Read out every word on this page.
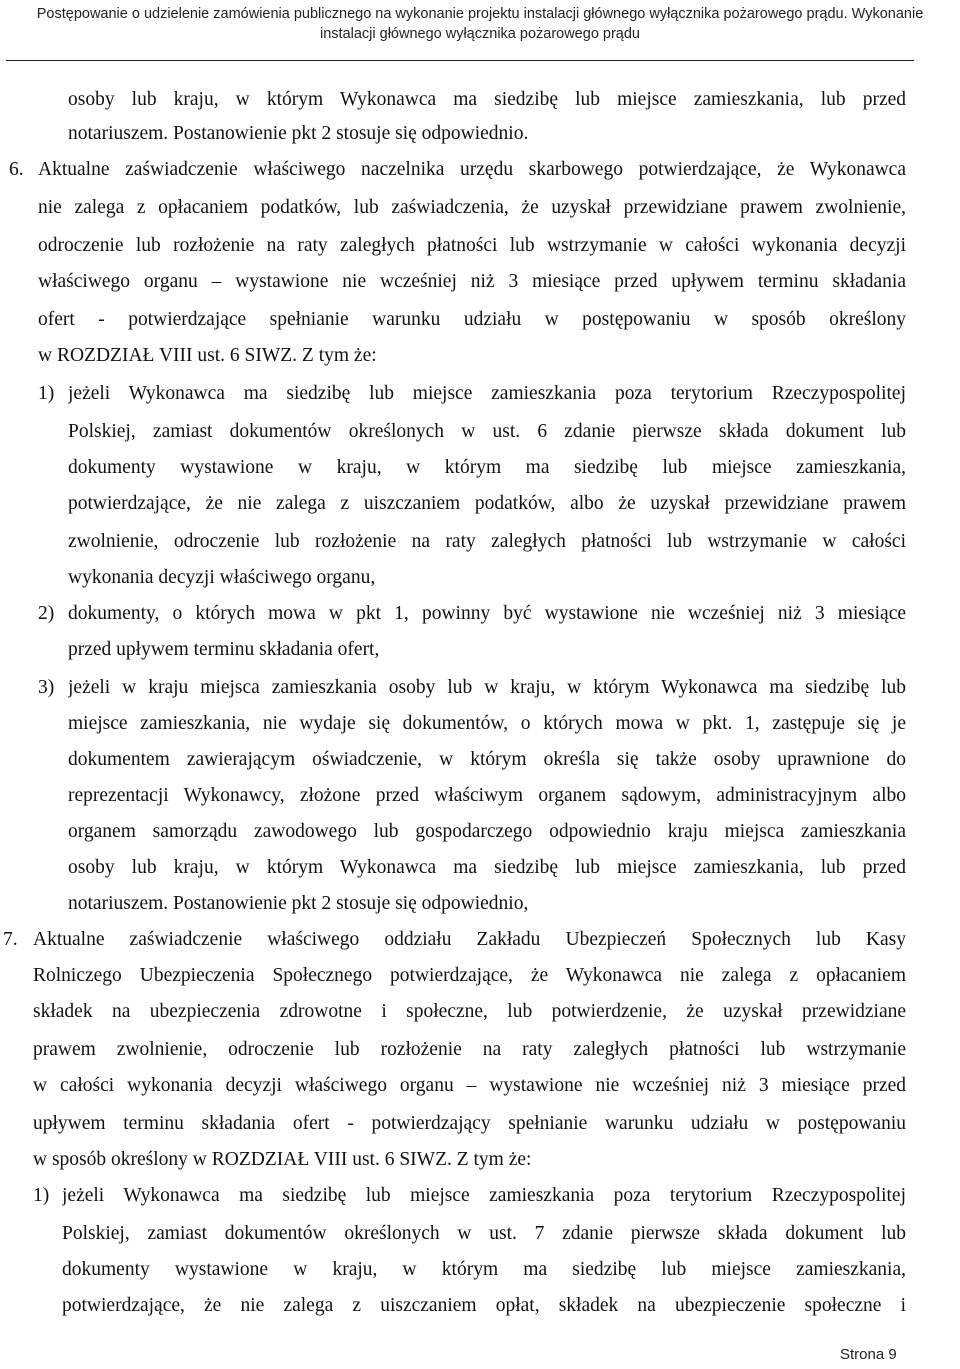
Postępowanie o udzielenie zamówienia publicznego na wykonanie projektu instalacji głównego wyłącznika pożarowego prądu. Wykonanie
instalacji głównego wyłącznika pożarowego prądu
osoby lub kraju, w którym Wykonawca ma siedzibę lub miejsce zamieszkania, lub przed
notariuszem. Postanowienie pkt 2 stosuje się odpowiednio.
6. Aktualne zaświadczenie właściwego naczelnika urzędu skarbowego potwierdzające, że Wykonawca
nie zalega z opłacaniem podatków, lub zaświadczenia, że uzyskał przewidziane prawem zwolnienie,
odroczenie lub rozłożenie na raty zaległych płatności lub wstrzymanie w całości wykonania decyzji
właściwego organu – wystawione nie wcześniej niż 3 miesiące przed upływem terminu składania
ofert - potwierdzające spełnianie warunku udziału w postępowaniu w sposób określony
w ROZDZIAŁ VIII ust. 6 SIWZ. Z tym że:
1) jeżeli Wykonawca ma siedzibę lub miejsce zamieszkania poza terytorium Rzeczypospolitej
Polskiej, zamiast dokumentów określonych w ust. 6 zdanie pierwsze składa dokument lub
dokumenty wystawione w kraju, w którym ma siedzibę lub miejsce zamieszkania,
potwierdzające, że nie zalega z uiszczaniem podatków, albo że uzyskał przewidziane prawem
zwolnienie, odroczenie lub rozłożenie na raty zaległych płatności lub wstrzymanie w całości
wykonania decyzji właściwego organu,
2) dokumenty, o których mowa w pkt 1, powinny być wystawione nie wcześniej niż 3 miesiące
przed upływem terminu składania ofert,
3) jeżeli w kraju miejsca zamieszkania osoby lub w kraju, w którym Wykonawca ma siedzibę lub
miejsce zamieszkania, nie wydaje się dokumentów, o których mowa w pkt. 1, zastępuje się je
dokumentem zawierającym oświadczenie, w którym określa się także osoby uprawnione do
reprezentacji Wykonawcy, złożone przed właściwym organem sądowym, administracyjnym albo
organem samorządu zawodowego lub gospodarczego odpowiednio kraju miejsca zamieszkania
osoby lub kraju, w którym Wykonawca ma siedzibę lub miejsce zamieszkania, lub przed
notariuszem. Postanowienie pkt 2 stosuje się odpowiednio,
7. Aktualne zaświadczenie właściwego oddziału Zakładu Ubezpieczeń Społecznych lub Kasy
Rolniczego Ubezpieczenia Społecznego potwierdzające, że Wykonawca nie zalega z opłacaniem
składek na ubezpieczenia zdrowotne i społeczne, lub potwierdzenie, że uzyskał przewidziane
prawem zwolnienie, odroczenie lub rozłożenie na raty zaległych płatności lub wstrzymanie
w całości wykonania decyzji właściwego organu – wystawione nie wcześniej niż 3 miesiące przed
upływem terminu składania ofert - potwierdzający spełnianie warunku udziału w postępowaniu
w sposób określony w ROZDZIAŁ VIII ust. 6 SIWZ. Z tym że:
1) jeżeli Wykonawca ma siedzibę lub miejsce zamieszkania poza terytorium Rzeczypospolitej
Polskiej, zamiast dokumentów określonych w ust. 7 zdanie pierwsze składa dokument lub
dokumenty wystawione w kraju, w którym ma siedzibę lub miejsce zamieszkania,
potwierdzające, że nie zalega z uiszczaniem opłat, składek na ubezpieczenie społeczne i
Strona 9
